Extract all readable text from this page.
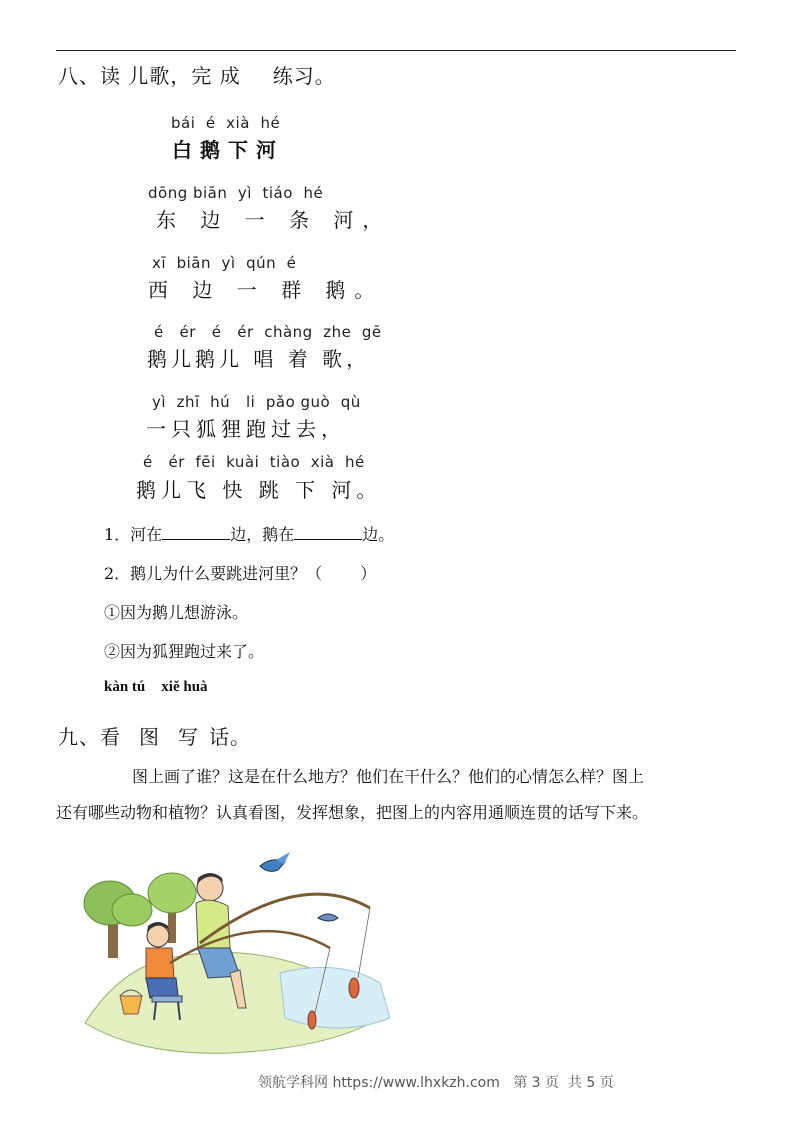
八、读 儿歌，完 成 练习。
bái  é  xià  hé
白鹅下河
dōng biān  yì  tiáo  hé
东 边 一 条 河，
xī  biān  yì  qún  é
西 边 一 群 鹅。
é   ér   é   ér  chàng  zhe  gē
鹅儿鹅儿 唱 着 歌，
yì  zhī  hú   li  pǎo guò  qù
一只狐狸跑过去，
é   ér  fēi  kuài  tiào  xià  hé
鹅儿飞 快 跳 下 河。
1．河在	边，鹅在	边。
2．鹅儿为什么要跳进河里？（ ）
①因为鹅儿想游泳。
②因为狐狸跑过来了。
kàn tú xiě huà
九、看 图 写 话。
图上画了谁？这是在什么地方？他们在干什么？他们的心情怎么样？图上
还有哪些动物和植物？认真看图，发挥想象，把图上的内容用通顺连贯的话写下来。
领航学科网 https://www.lhxkzh.com   第 3 页  共 5 页
